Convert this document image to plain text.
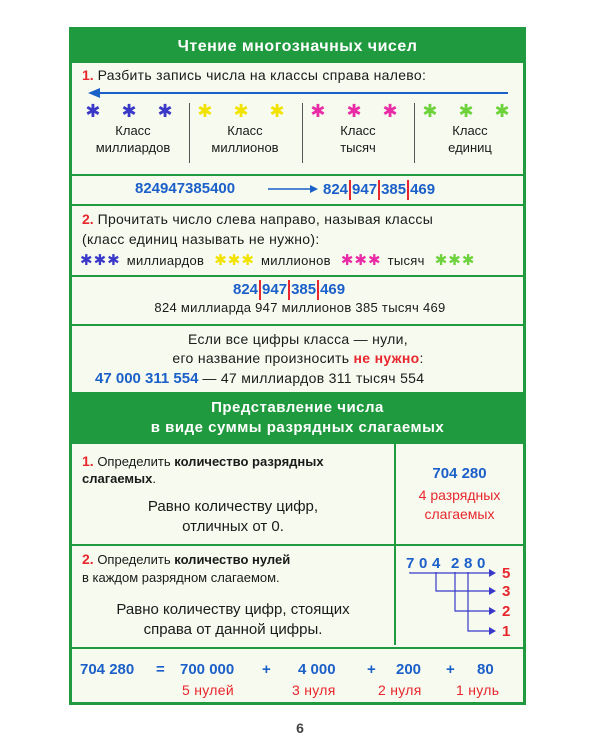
Чтение многозначных чисел
1. Разбить запись числа на классы справа налево:
✱ ✱ ✱
Класс
миллиардов
✱ ✱ ✱
Класс
миллионов
✱ ✱ ✱
Класс
тысяч
✱ ✱ ✱
Класс
единиц
824947385400	824 947 385 469
2. Прочитать число слева направо, называя классы
(класс единиц называть не нужно):
✱✱✱ миллиардов ✱✱✱ миллионов ✱✱✱ тысяч ✱✱✱
824 947 385 469
824 миллиарда 947 миллионов 385 тысяч 469
Если все цифры класса — нули,
его название произносить не нужно:
47 000 311 554 — 47 миллиардов 311 тысяч 554
Представление числа
в виде суммы разрядных слагаемых
1. Определить количество разрядных
слагаемых.
Равно количеству цифр,
отличных от 0.
704 280
4 разрядных
слагаемых
2. Определить количество нулей
в каждом разрядном слагаемом.
Равно количеству цифр, стоящих
справа от данной цифры.
7 0 4 2 8 0
5
3
2
1
704 280 = 700 000 + 4 000 + 200 + 80
5 нулей	3 нуля	2 нуля 1 нуль
6
